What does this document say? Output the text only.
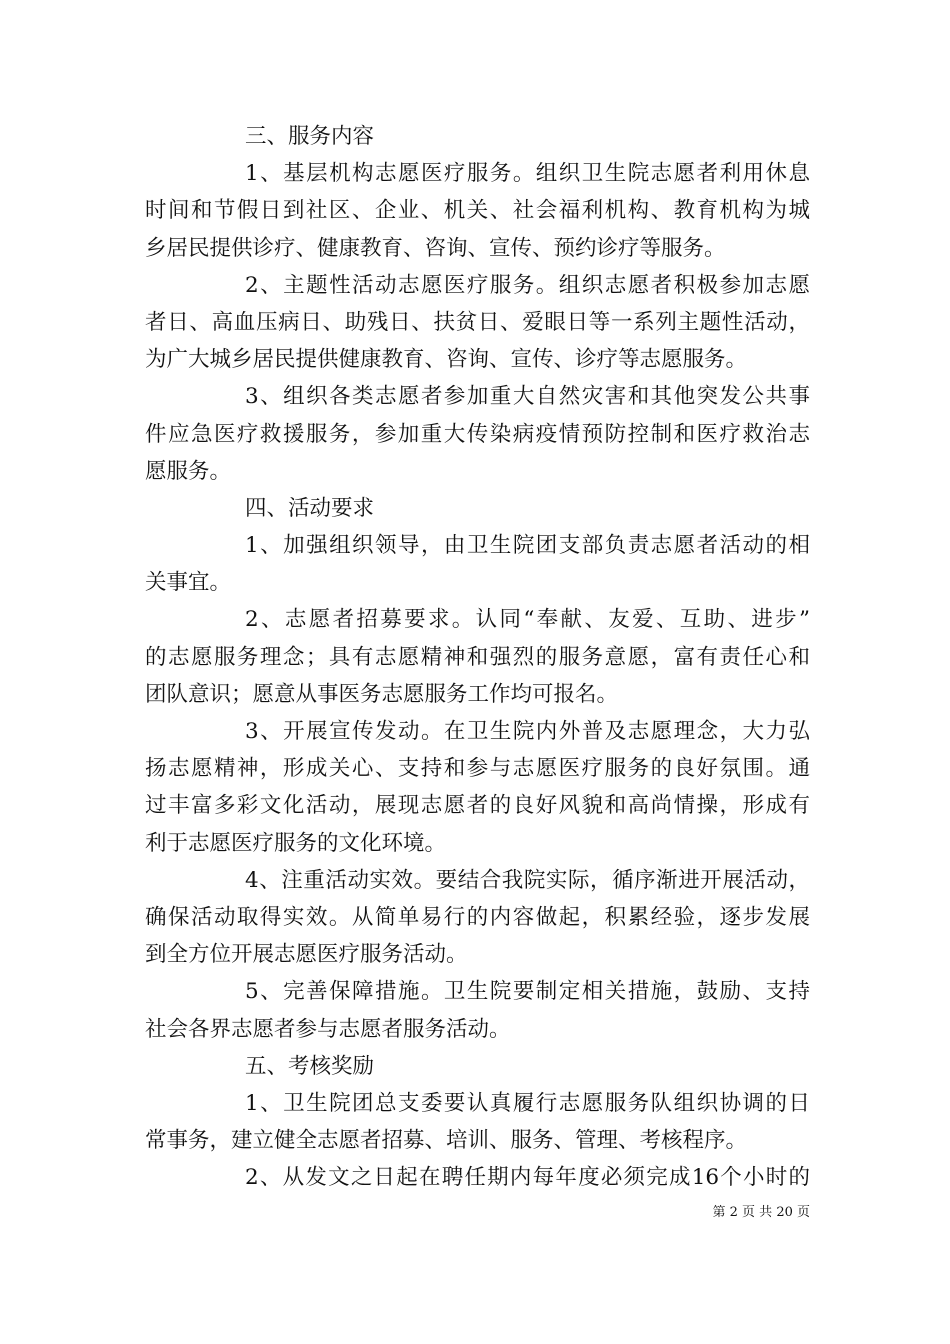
三、服务内容
1、基层机构志愿医疗服务。组织卫生院志愿者利用休息
时间和节假日到社区、企业、机关、社会福利机构、教育机构为城
乡居民提供诊疗、健康教育、咨询、宣传、预约诊疗等服务。
2、主题性活动志愿医疗服务。组织志愿者积极参加志愿
者日、高血压病日、助残日、扶贫日、爱眼日等一系列主题性活动，
为广大城乡居民提供健康教育、咨询、宣传、诊疗等志愿服务。
3、组织各类志愿者参加重大自然灾害和其他突发公共事
件应急医疗救援服务，参加重大传染病疫情预防控制和医疗救治志
愿服务。
四、活动要求
1、加强组织领导，由卫生院团支部负责志愿者活动的相
关事宜。
2、志愿者招募要求。认同“奉献、友爱、互助、进步”
的志愿服务理念；具有志愿精神和强烈的服务意愿，富有责任心和
团队意识；愿意从事医务志愿服务工作均可报名。
3、开展宣传发动。在卫生院内外普及志愿理念，大力弘
扬志愿精神，形成关心、支持和参与志愿医疗服务的良好氛围。通
过丰富多彩文化活动，展现志愿者的良好风貌和高尚情操，形成有
利于志愿医疗服务的文化环境。
4、注重活动实效。要结合我院实际，循序渐进开展活动，
确保活动取得实效。从简单易行的内容做起，积累经验，逐步发展
到全方位开展志愿医疗服务活动。
5、完善保障措施。卫生院要制定相关措施，鼓励、支持
社会各界志愿者参与志愿者服务活动。
五、考核奖励
1、卫生院团总支委要认真履行志愿服务队组织协调的日
常事务，建立健全志愿者招募、培训、服务、管理、考核程序。
2、从发文之日起在聘任期内每年度必须完成16个小时的
第 2 页 共 20 页
